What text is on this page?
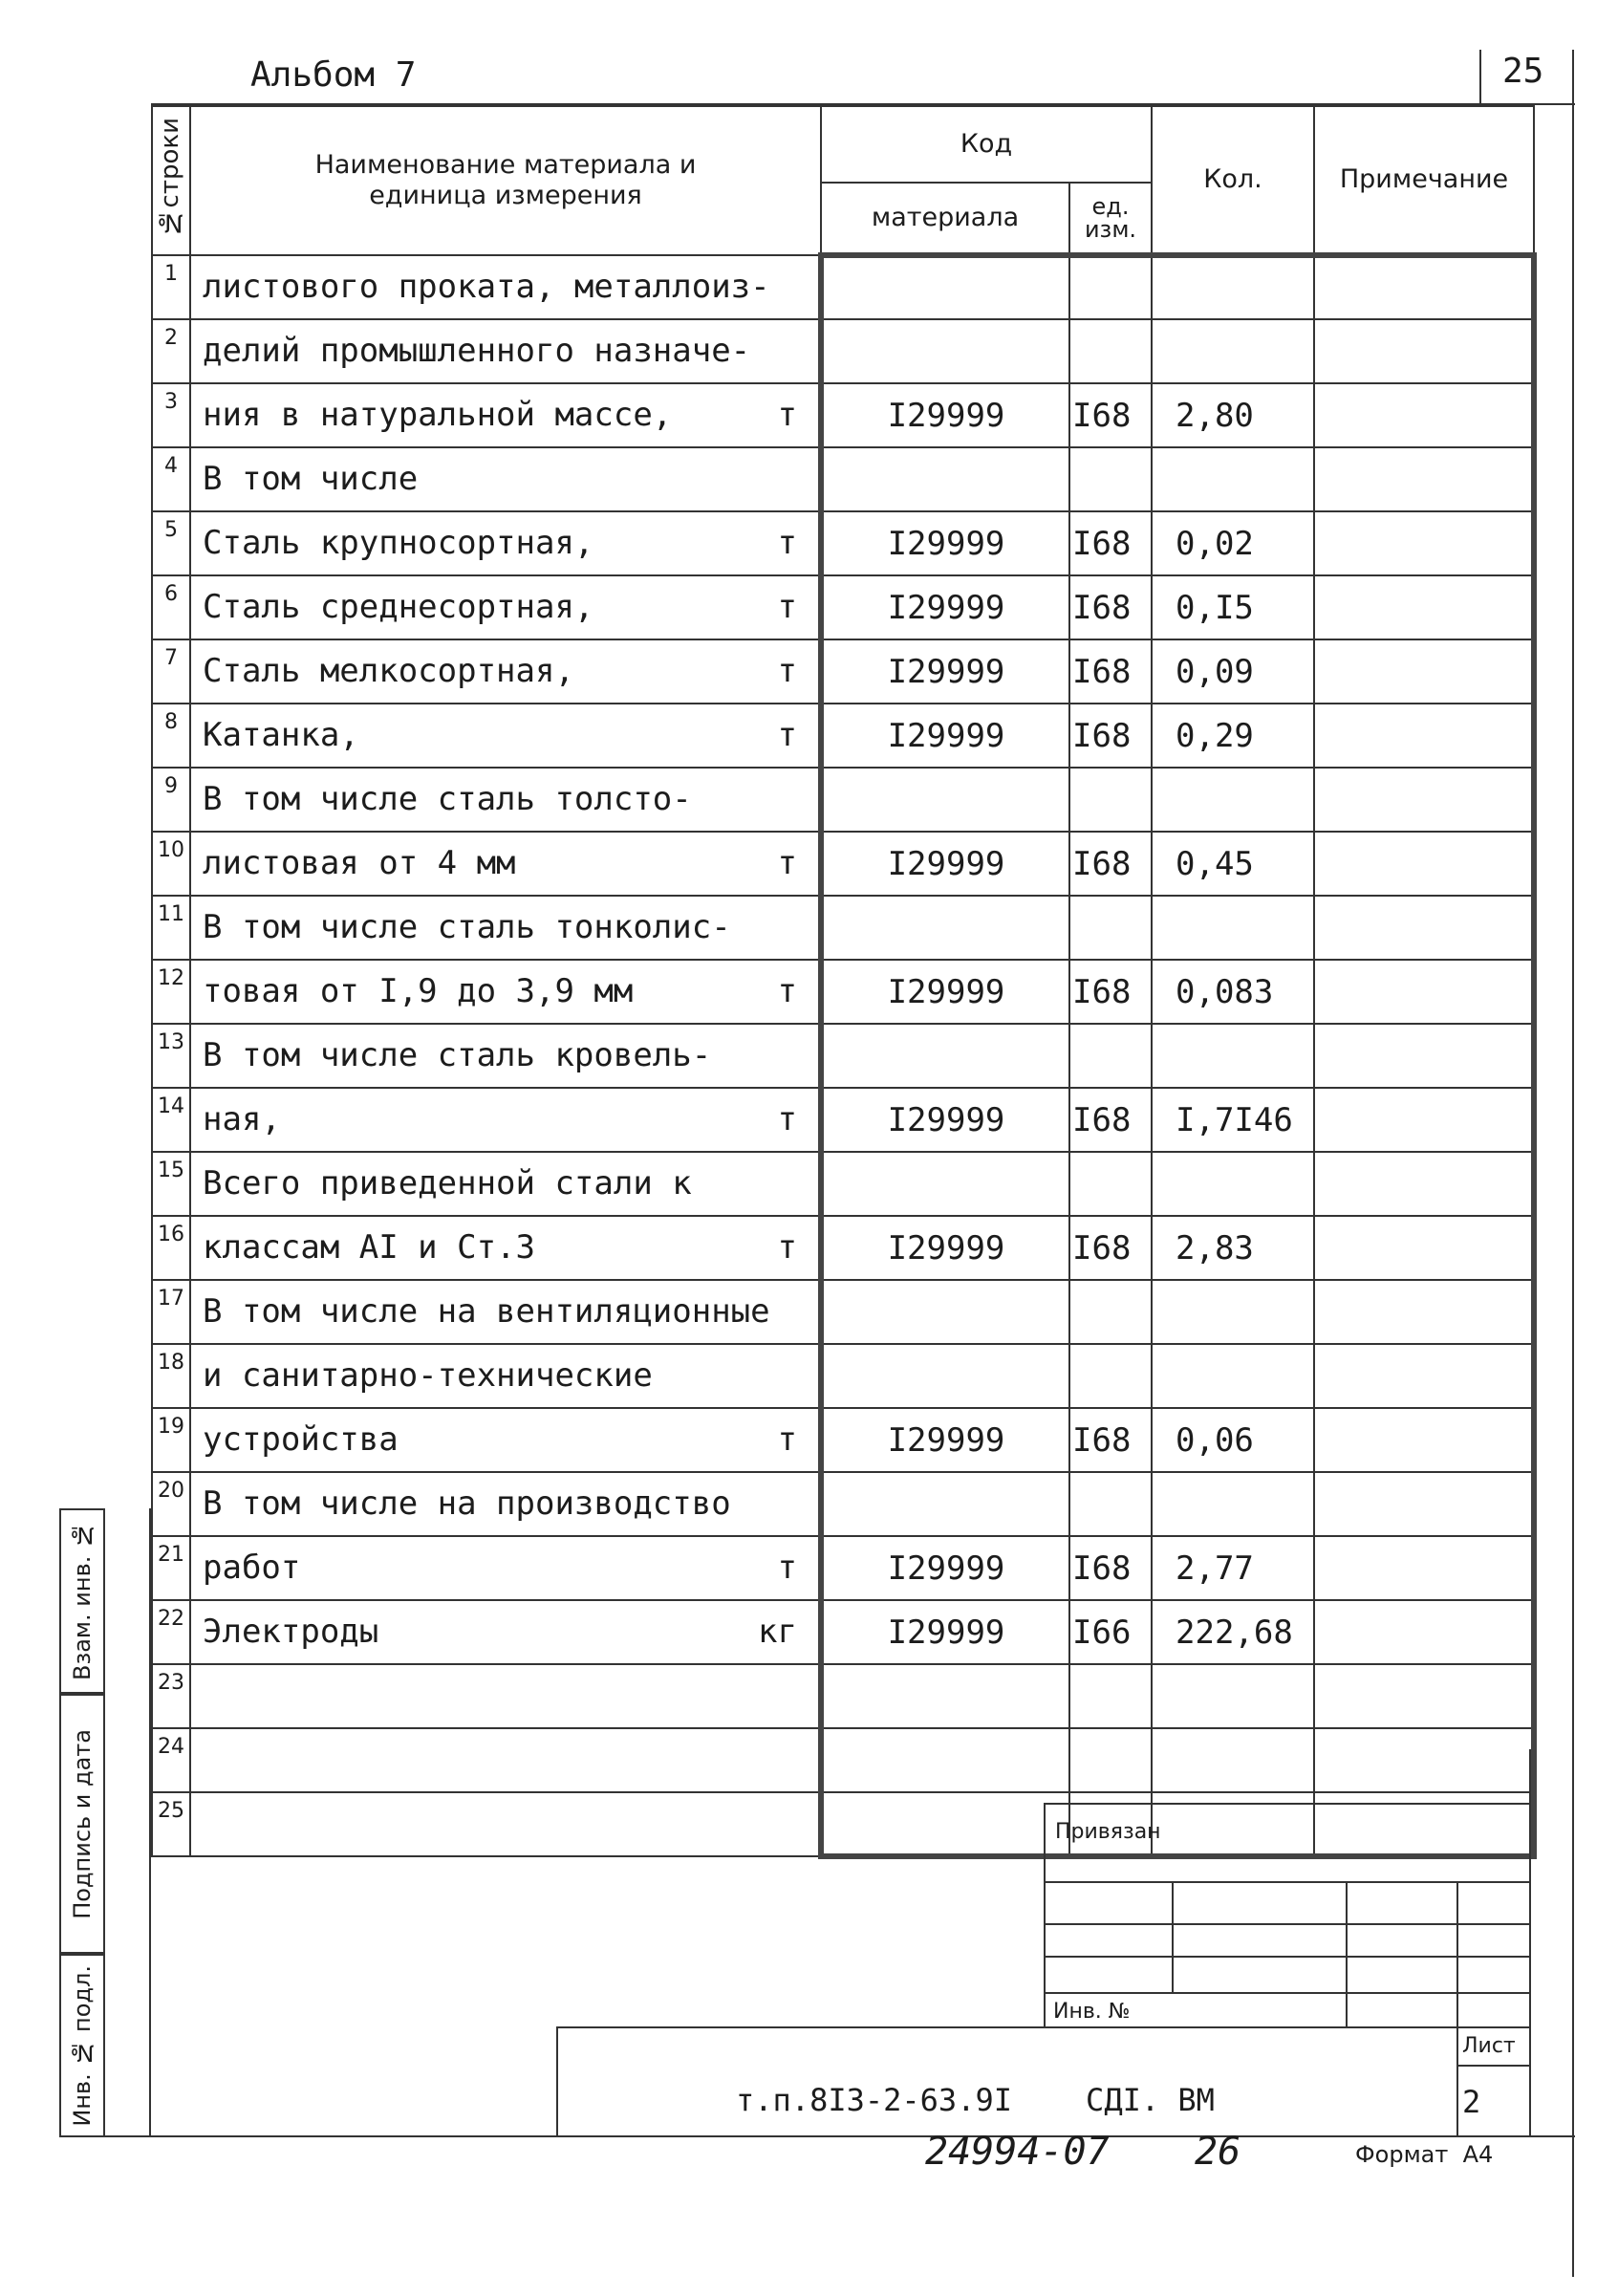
Альбом 7	25
№строки	Наименование материала и единица измерения	Код		Кол.	Примечание
		материала	ед. изм.		
1	листового проката, металлоиз-				

2	делий промышленного назначе-				

3	ния в натуральной массе, т	I29999	I68	2,80	
4	В том числе				

5	Сталь крупносортная, т	I29999	I68	0,02	
6	Сталь среднесортная, т	I29999	I68	0,I5	
7	Сталь мелкосортная, т	I29999	I68	0,09	
8	Катанка, т	I29999	I68	0,29	
9	В том числе сталь толсто-				

10	листовая от 4 мм т	I29999	I68	0,45	
11	В том числе сталь тонколис-				

12	товая от I,9 до 3,9 мм т	I29999	I68	0,083	
13	В том числе сталь кровель-				

14	ная, т	I29999	I68	I,7I46	
15	Всего приведенной стали к				

16	классам AI и Ст.3 т	I29999	I68	2,83	
17	В том числе на вентиляционные				

18	и санитарно-технические				

19	устройства т	I29999	I68	0,06	
20	В том числе на производство				

21	работ т	I29999	I68	2,77	
22	Электроды кг	I29999	I66	222,68	
23	

24	

25	

Взам. инв. №
Подпись и дата
Инв. № подл.
Привязан
Инв. №
т.п.8I3-2-63.9I    СДI. ВМ
Лист
2
24994-07 26	Формат  А4
